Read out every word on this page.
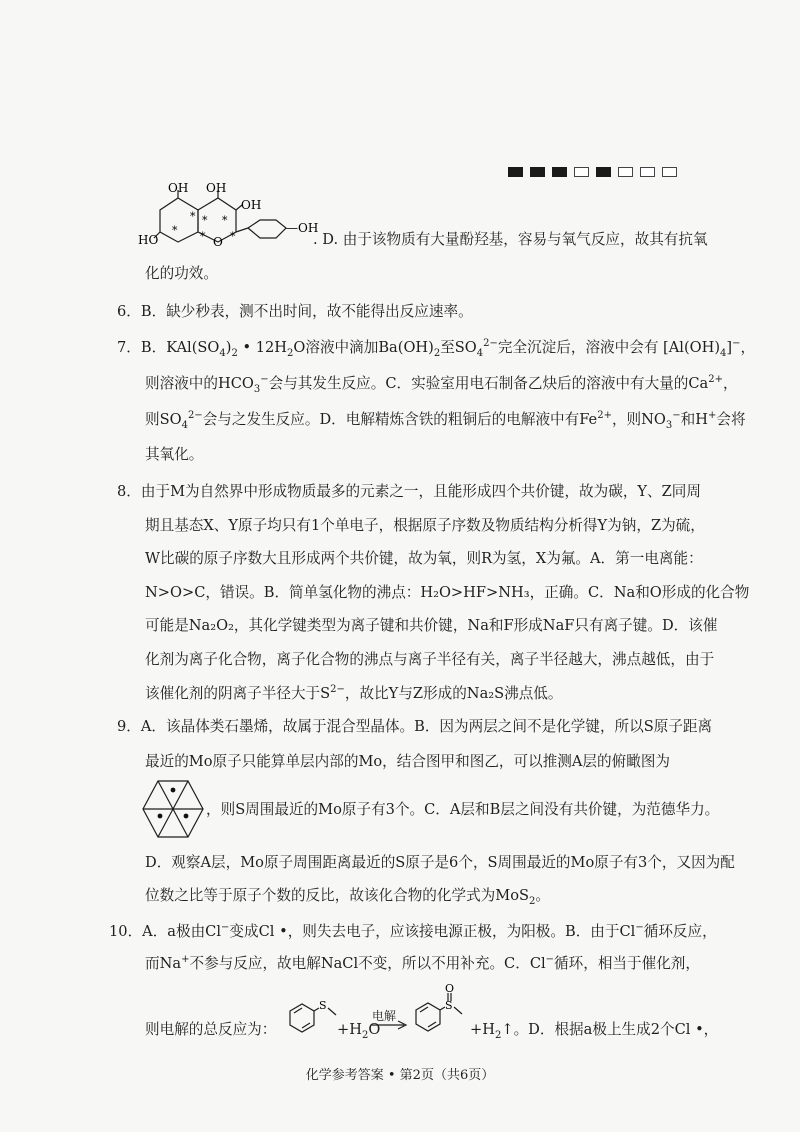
OH OH
OH
HO	O
—OH
* * *
* * *	. D. 由于该物质有大量酚羟基，容易与氧气反应，故其有抗氧
化的功效。
6．B．缺少秒表，测不出时间，故不能得出反应速率。
7．B．$KAl(SO_4)_2$ • $12H_2O$溶液中滴加$Ba(OH)_2$至$SO_4^{2-}$完全沉淀后，溶液中会有 $[Al(OH)_4]^-$，
则溶液中的$HCO_3^-$会与其发生反应。C．实验室用电石制备乙炔后的溶液中有大量的$Ca^{2+}$，
则$SO_4^{2-}$会与之发生反应。D．电解精炼含铁的粗铜后的电解液中有$Fe^{2+}$，则$NO_3^-$和H+会将
其氧化。
8．由于M为自然界中形成物质最多的元素之一，且能形成四个共价键，故为碳，Y、Z同周
期且基态X、Y原子均只有1个单电子，根据原子序数及物质结构分析得Y为钠，Z为硫，
W比碳的原子序数大且形成两个共价键，故为氧，则R为氢，X为氟。A．第一电离能：
N>O>C，错误。B．简单氢化物的沸点：H₂O>HF>NH₃，正确。C．Na和O形成的化合物
可能是Na₂O₂，其化学键类型为离子键和共价键，Na和F形成NaF只有离子键。D．该催
化剂为离子化合物，离子化合物的沸点与离子半径有关，离子半径越大，沸点越低，由于
该催化剂的阴离子半径大于$S^{2-}$，故比Y与Z形成的Na₂S沸点低。
9．A．该晶体类石墨烯，故属于混合型晶体。B．因为两层之间不是化学键，所以S原子距离
最近的Mo原子只能算单层内部的Mo，结合图甲和图乙，可以推测A层的俯瞰图为
，则S周围最近的Mo原子有3个。C．A层和B层之间没有共价键，为范德华力。
D．观察A层，Mo原子周围距离最近的S原子是6个，S周围最近的Mo原子有3个，又因为配
位数之比等于原子个数的反比，故该化合物的化学式为MoS$_2$。
10．A．a极由Cl−变成Cl •，则失去电子，应该接电源正极，为阳极。B．由于Cl−循环反应，
而Na+不参与反应，故电解NaCl不变，所以不用补充。C．Cl−循环，相当于催化剂，
则电解的总反应为：
S
$+H_2O$
电解
S
O
$+H_2↑$。D．根据a极上生成2个Cl •，
化学参考答案 • 第2页（共6页）
